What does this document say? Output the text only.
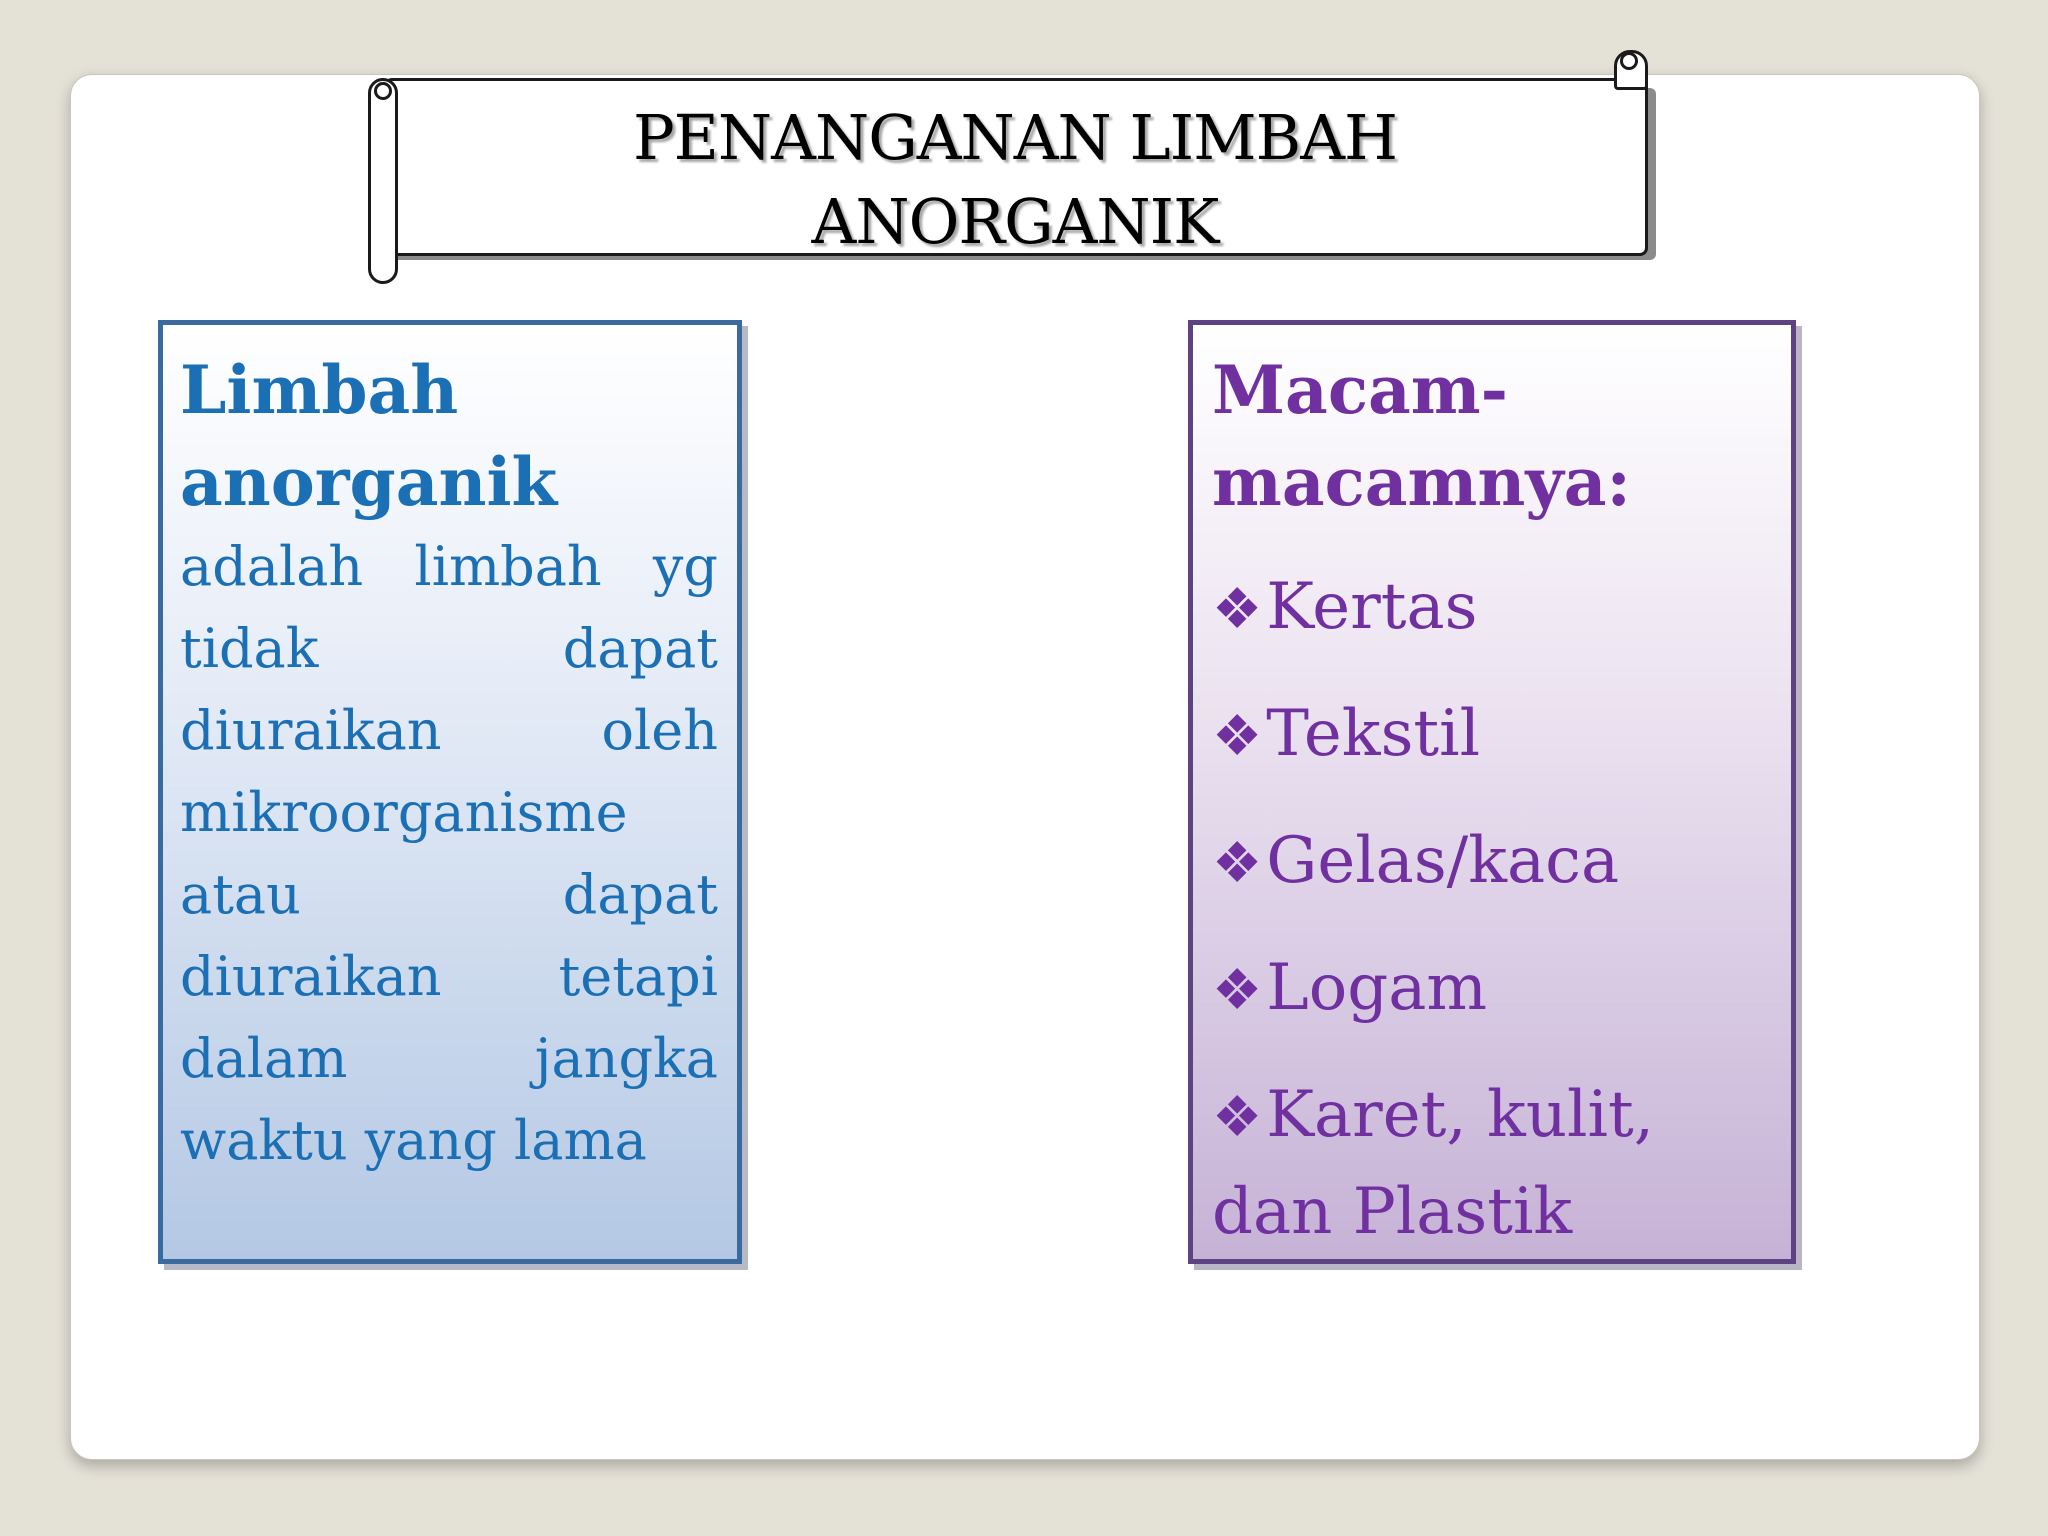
PENANGANAN LIMBAH
ANORGANIK
Limbah
anorganik
adalah limbah yg
tidak dapat
diuraikan oleh
mikroorganisme
atau dapat
diuraikan tetapi
dalam jangka
waktu yang lama
Macam-
macamnya:
❖Kertas
❖Tekstil
❖Gelas/kaca
❖Logam
❖Karet, kulit, dan Plastik
